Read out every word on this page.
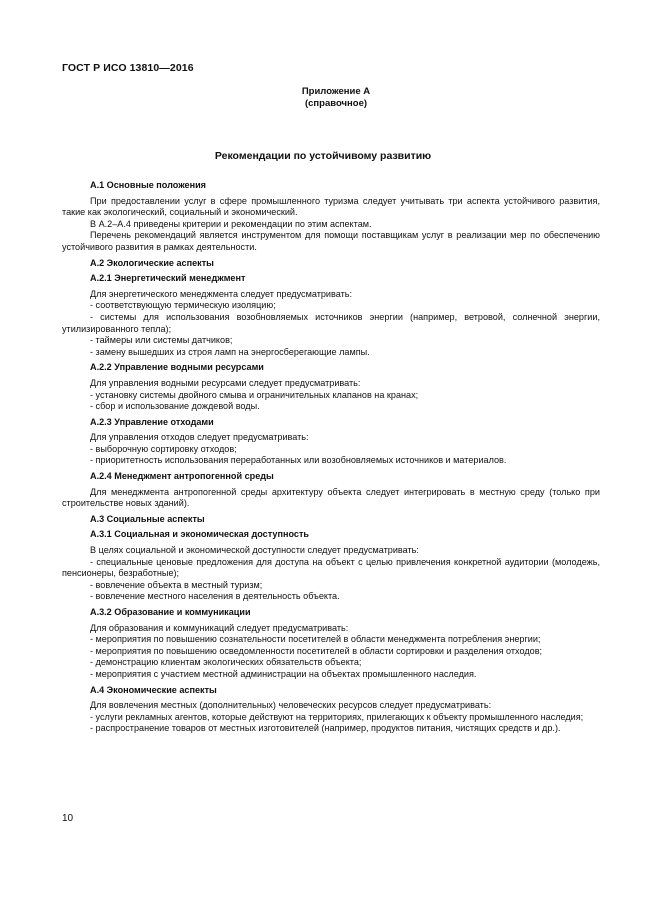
ГОСТ Р ИСО 13810—2016
Приложение А
(справочное)
Рекомендации по устойчивому развитию

А.1 Основные положения

При предоставлении услуг в сфере промышленного туризма следует учитывать три аспекта устойчивого развития, такие как экологический, социальный и экономический.

В А.2–А.4 приведены критерии и рекомендации по этим аспектам.

Перечень рекомендаций является инструментом для помощи поставщикам услуг в реализации мер по обеспечению устойчивого развития в рамках деятельности.

А.2 Экологические аспекты

А.2.1 Энергетический менеджмент

Для энергетического менеджмента следует предусматривать:

- соответствующую термическую изоляцию;

- системы для использования возобновляемых источников энергии (например, ветровой, солнечной энергии, утилизированного тепла);

- таймеры или системы датчиков;

- замену вышедших из строя ламп на энергосберегающие лампы.

А.2.2 Управление водными ресурсами

Для управления водными ресурсами следует предусматривать:

- установку системы двойного смыва и ограничительных клапанов на кранах;

- сбор и использование дождевой воды.

А.2.3 Управление отходами

Для управления отходов следует предусматривать:

- выборочную сортировку отходов;

- приоритетность использования переработанных или возобновляемых источников и материалов.

А.2.4 Менеджмент антропогенной среды

Для менеджмента антропогенной среды архитектуру объекта следует интегрировать в местную среду (только при строительстве новых зданий).

А.3 Социальные аспекты

А.3.1 Социальная и экономическая доступность

В целях социальной и экономической доступности следует предусматривать:

- специальные ценовые предложения для доступа на объект с целью привлечения конкретной аудитории (молодежь, пенсионеры, безработные);

- вовлечение объекта в местный туризм;

- вовлечение местного населения в деятельность объекта.

А.3.2 Образование и коммуникации

Для образования и коммуникаций следует предусматривать:

- мероприятия по повышению сознательности посетителей в области менеджмента потребления энергии;

- мероприятия по повышению осведомленности посетителей в области сортировки и разделения отходов;

- демонстрацию клиентам экологических обязательств объекта;

- мероприятия с участием местной администрации на объектах промышленного наследия.

А.4 Экономические аспекты

Для вовлечения местных (дополнительных) человеческих ресурсов следует предусматривать:

- услуги рекламных агентов, которые действуют на территориях, прилегающих к объекту промышленного наследия;

- распространение товаров от местных изготовителей (например, продуктов питания, чистящих средств и др.).

10
